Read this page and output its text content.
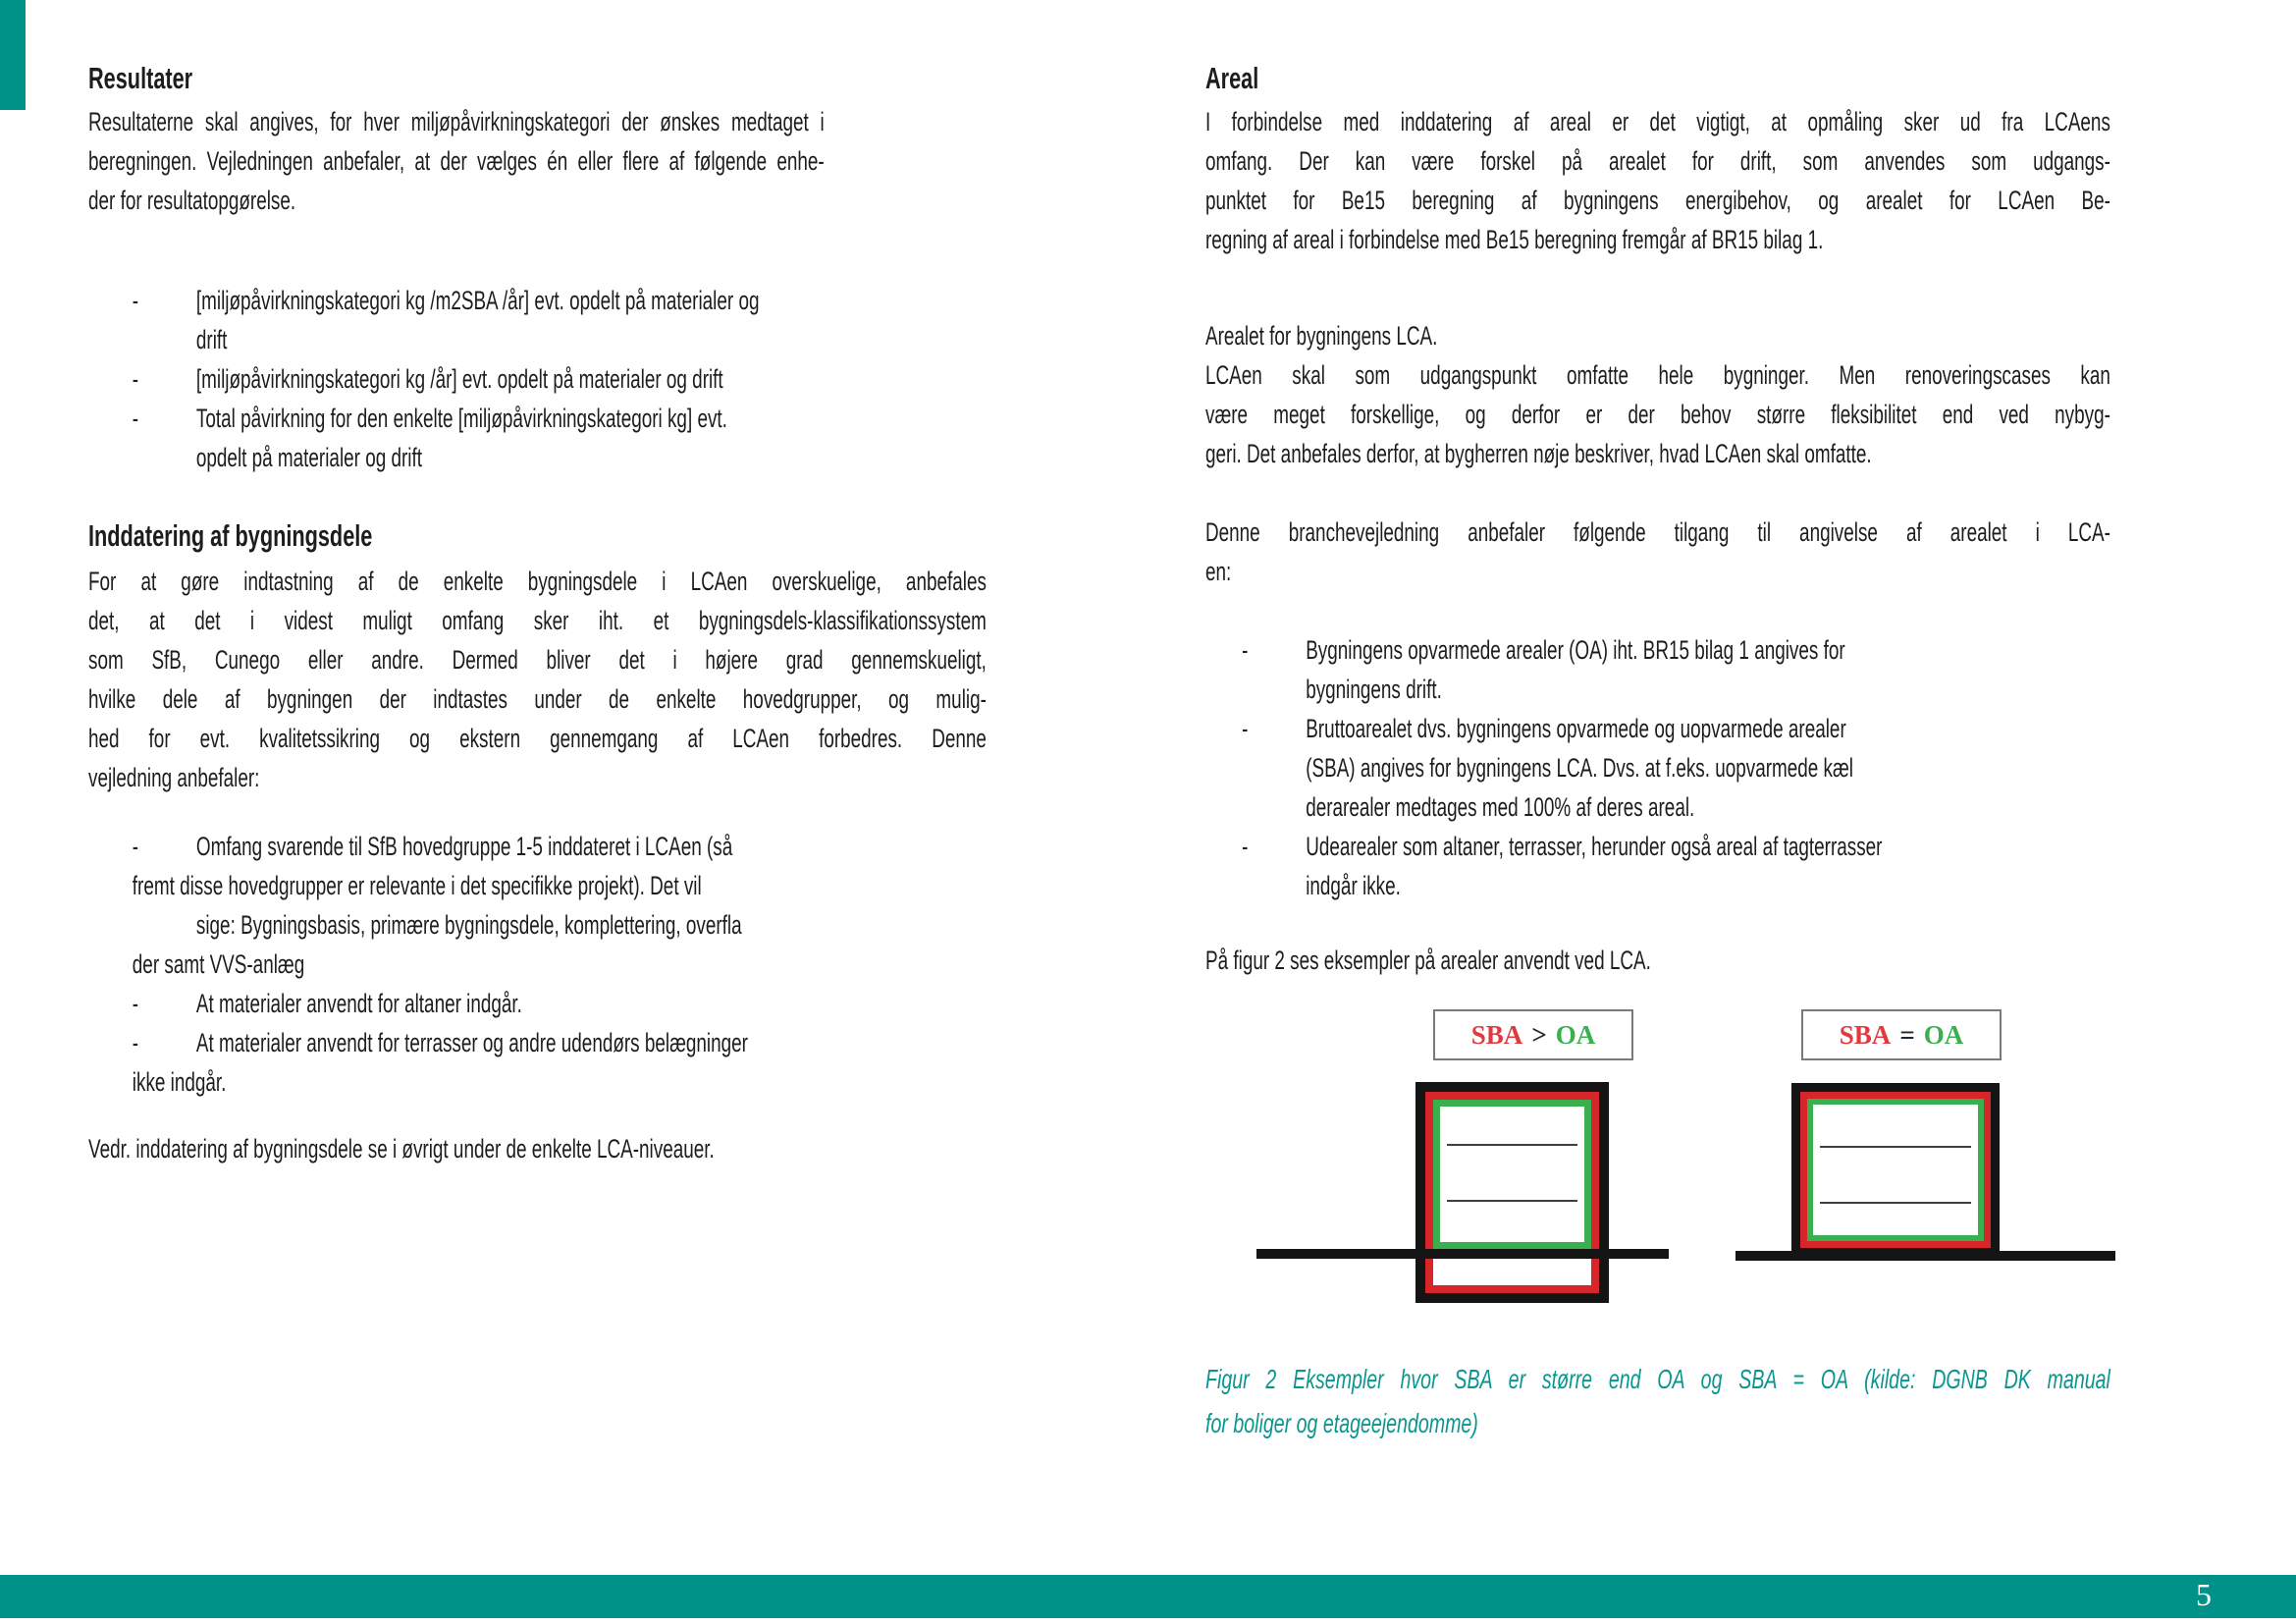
Resultater
Resultaterne skal angives, for hver miljøpåvirkningskategori der ønskes medtaget i
beregningen. Vejledningen anbefaler, at der vælges én eller flere af følgende enhe-
der for resultatopgørelse.
- [miljøpåvirkningskategori kg /m2SBA /år] evt. opdelt på materialer og
drift
- [miljøpåvirkningskategori kg /år] evt. opdelt på materialer og drift
- Total påvirkning for den enkelte [miljøpåvirkningskategori kg] evt.
opdelt på materialer og drift
Inddatering af bygningsdele
For at gøre indtastning af de enkelte bygningsdele i LCAen overskuelige, anbefales
det, at det i videst muligt omfang sker iht. et bygningsdels-klassifikationssystem
som SfB, Cunego eller andre. Dermed bliver det i højere grad gennemskueligt,
hvilke dele af bygningen der indtastes under de enkelte hovedgrupper, og mulig-
hed for evt. kvalitetssikring og ekstern gennemgang af LCAen forbedres. Denne
vejledning anbefaler:
- Omfang svarende til SfB hovedgruppe 1-5 inddateret i LCAen (så
fremt disse hovedgrupper er relevante i det specifikke projekt). Det vil
sige: Bygningsbasis, primære bygningsdele, komplettering, overfla
der samt VVS-anlæg
- At materialer anvendt for altaner indgår.
- At materialer anvendt for terrasser og andre udendørs belægninger
ikke indgår.
Vedr. inddatering af bygningsdele se i øvrigt under de enkelte LCA-niveauer.
Areal
I forbindelse med inddatering af areal er det vigtigt, at opmåling sker ud fra LCAens
omfang. Der kan være forskel på arealet for drift, som anvendes som udgangs-
punktet for Be15 beregning af bygningens energibehov, og arealet for LCAen Be-
regning af areal i forbindelse med Be15 beregning fremgår af BR15 bilag 1.
Arealet for bygningens LCA.
LCAen skal som udgangspunkt omfatte hele bygninger. Men renoveringscases kan
være meget forskellige, og derfor er der behov større fleksibilitet end ved nybyg-
geri. Det anbefales derfor, at bygherren nøje beskriver, hvad LCAen skal omfatte.
Denne branchevejledning anbefaler følgende tilgang til angivelse af arealet i LCA-
en:
- Bygningens opvarmede arealer (OA) iht. BR15 bilag 1 angives for
bygningens drift.
- Bruttoarealet dvs. bygningens opvarmede og uopvarmede arealer
(SBA) angives for bygningens LCA. Dvs. at f.eks. uopvarmede kæl
derarealer medtages med 100% af deres areal.
- Udearealer som altaner, terrasser, herunder også areal af tagterrasser
indgår ikke.
På figur 2 ses eksempler på arealer anvendt ved LCA.
SBA > OA	SBA = OA
Figur 2 Eksempler hvor SBA er større end OA og SBA = OA (kilde: DGNB DK manual
for boliger og etageejendomme)
5
